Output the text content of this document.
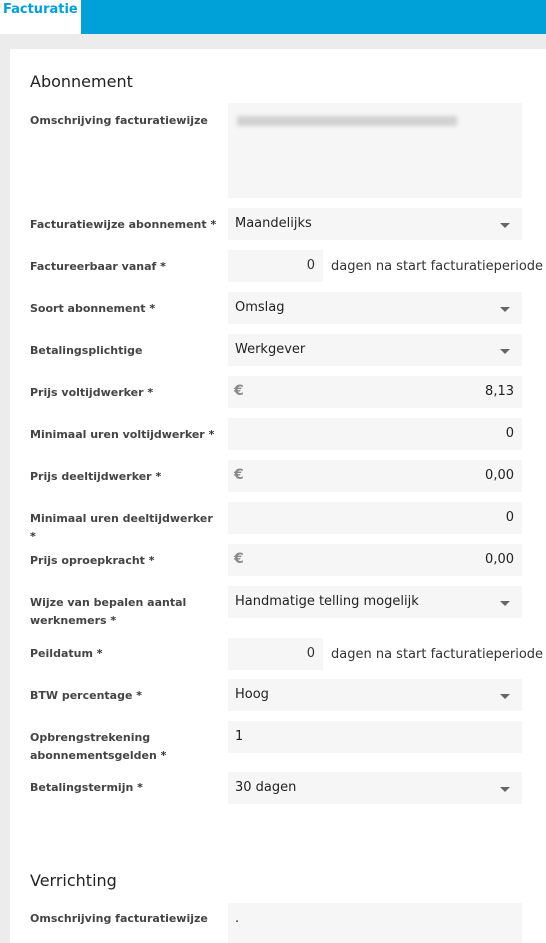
Facturatie
Abonnement
Omschrijving facturatiewijze
Facturatiewijze abonnement * Maandelijks
Factureerbaar vanaf *	0 dagen na start facturatieperiode
Soort abonnement *	Omslag
Betalingsplichtige	Werkgever
Prijs voltijdwerker *	€	8,13
Minimaal uren voltijdwerker *	0
Prijs deeltijdwerker *	€	0,00
Minimaal uren deeltijdwerker *
0
Prijs oproepkracht *	€	0,00
Wijze van bepalen aantal
werknemers *
Handmatige telling mogelijk
Peildatum *	0 dagen na start facturatieperiode
BTW percentage *	Hoog
Opbrengstrekening
abonnementsgelden *
1
Betalingstermijn *	30 dagen
Verrichting
Omschrijving facturatiewijze	.
